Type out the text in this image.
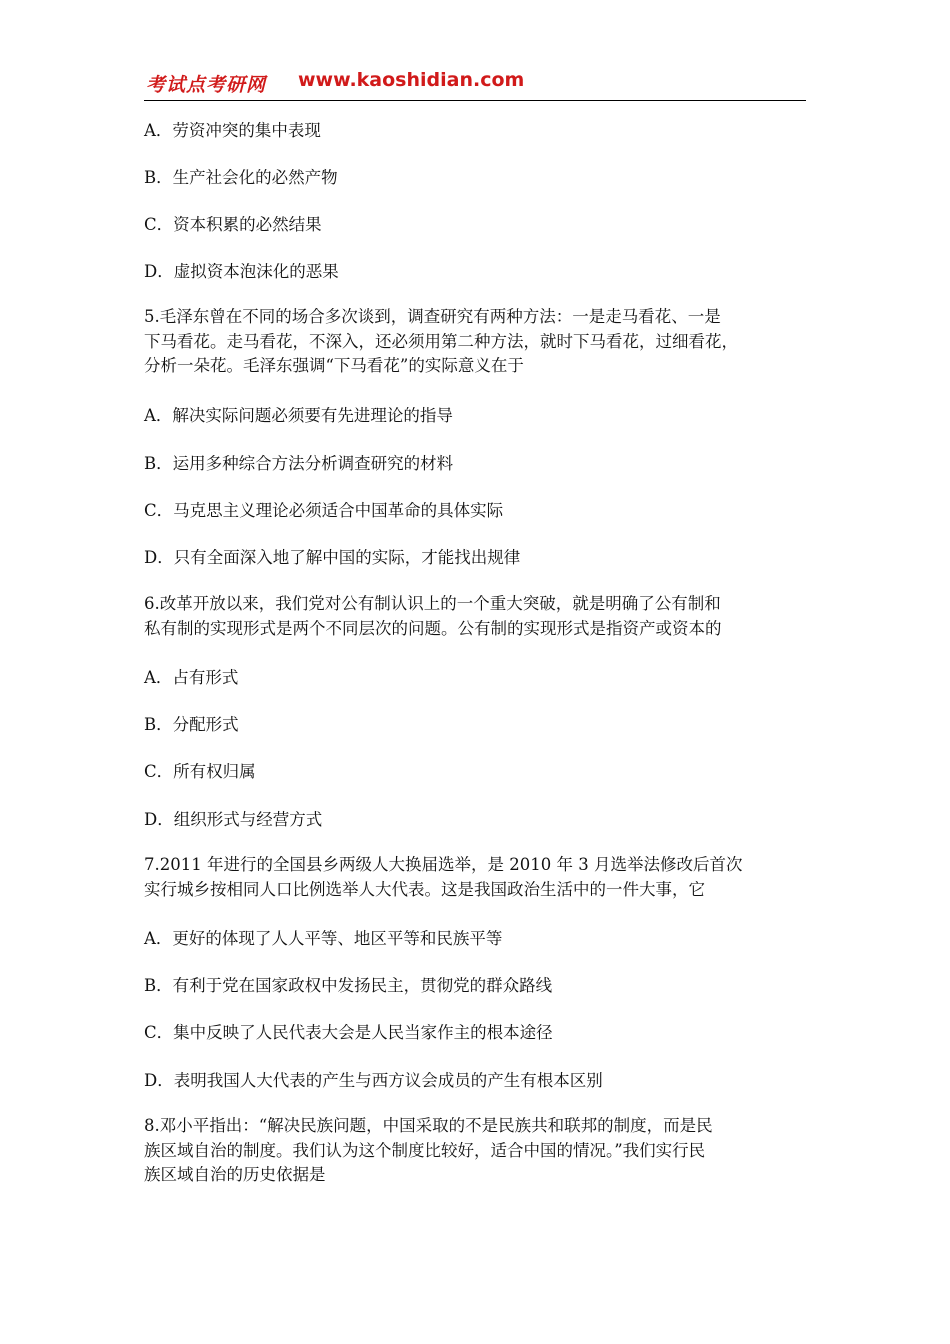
考试点考研网 www.kaoshidian.com
A．劳资冲突的集中表现
B．生产社会化的必然产物
C．资本积累的必然结果
D．虚拟资本泡沫化的恶果
5.毛泽东曾在不同的场合多次谈到，调查研究有两种方法：一是走马看花、一是
下马看花。走马看花，不深入，还必须用第二种方法，就时下马看花，过细看花，
分析一朵花。毛泽东强调“下马看花”的实际意义在于
A．解决实际问题必须要有先进理论的指导
B．运用多种综合方法分析调查研究的材料
C．马克思主义理论必须适合中国革命的具体实际
D．只有全面深入地了解中国的实际，才能找出规律
6.改革开放以来，我们党对公有制认识上的一个重大突破，就是明确了公有制和
私有制的实现形式是两个不同层次的问题。公有制的实现形式是指资产或资本的
A．占有形式
B．分配形式
C．所有权归属
D．组织形式与经营方式
7.2011 年进行的全国县乡两级人大换届选举，是 2010 年 3 月选举法修改后首次
实行城乡按相同人口比例选举人大代表。这是我国政治生活中的一件大事，它
A．更好的体现了人人平等、地区平等和民族平等
B．有利于党在国家政权中发扬民主，贯彻党的群众路线
C．集中反映了人民代表大会是人民当家作主的根本途径
D．表明我国人大代表的产生与西方议会成员的产生有根本区别
8.邓小平指出：“解决民族问题，中国采取的不是民族共和联邦的制度，而是民
族区域自治的制度。我们认为这个制度比较好，适合中国的情况。”我们实行民
族区域自治的历史依据是
